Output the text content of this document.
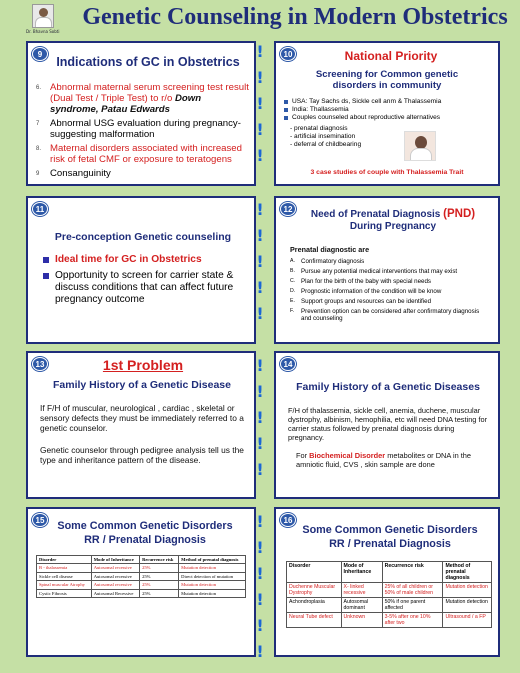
Dr. Bhavna Sobti
Genetic Counseling in Modern Obstetrics
!
!
!
!
!
!
!
!
!
!
!
!
!
!
!
!
!
!
!
!
!
9
Indications of GC in Obstetrics
6. Abnormal maternal serum screening test result (Dual Test / Triple Test) to r/o Down syndrome, Patau Edwards
7 Abnormal USG evaluation during pregnancy- suggesting malformation
8. Maternal disorders associated with increased risk of fetal CMF or exposure to teratogens
9 Consanguinity
10	National Priority
Screening for Common genetic disorders in community
USA: Tay Sachs ds, Sickle cell anm & Thalassemia
India: Thallassemia
Couples counseled about reproductive alternatives
- prenatal diagnosis
- artificial insemination
- deferral of childbearing
3 case studies of couple with Thalassemia Trait
11
Pre-conception Genetic counseling
Ideal time for GC in Obstetrics
Opportunity to screen for carrier state & discuss conditions that can affect future pregnancy outcome
12	Need of Prenatal Diagnosis (PND)
During Pregnancy
Prenatal diagnostic are
A. Confirmatory diagnosis
B. Pursue any potential medical interventions that may exist
C. Plan for the birth of the baby with special needs
D. Prognostic information of the condition will be know
E. Support groups and resources can be identified
F. Prevention option can be considered after confirmatory diagnosis and counseling
13	1st Problem
Family History of a Genetic Disease
If F/H of muscular, neurological , cardiac , skeletal or sensory defects they must be immediately referred to a genetic counselor.
Genetic counselor through pedigree analysis tell us the type and inheritance pattern of the disease.
14
Family History of a Genetic Diseases
F/H of thalassemia, sickle cell, anemia, duchene, muscular dystrophy, albinism, hemophilia, etc will need DNA testing for carrier status followed by prenatal diagnosis during pregnancy.
For Biochemical Disorder metabolites or DNA in the amniotic fluid, CVS , skin sample are done
15	Some Common Genetic Disorders
RR / Prenatal Diagnosis
Disorder	Mode of Inheritance	Recurrence risk	Method of prenatal diagnosis
B - thalassemia	Autosomal recessive	25%	Mutation detection
Sickle cell disease	Autosomal recessive	25%	Direct detection of mutation
Spinal muscular Atrophy	Autosomal recessive	25%	Mutation detection
Cystic Fibrosis	Autosomal Recessive	25%	Mutation detection
16
Some Common Genetic Disorders
RR / Prenatal Diagnosis
Disorder	Mode of Inheritance	Recurrence risk	Method of prenatal diagnosis
Duchenne Muscular Dystrophy	X- linked recessive	25% of all children or 50% of male children	Mutation detection
Achondroplasia	Autosomal dominant	50% if one parent affected	Mutation detection
Neural Tube defect	Unknown	3-5% after one 10% after two	Ultrasound / a FP
